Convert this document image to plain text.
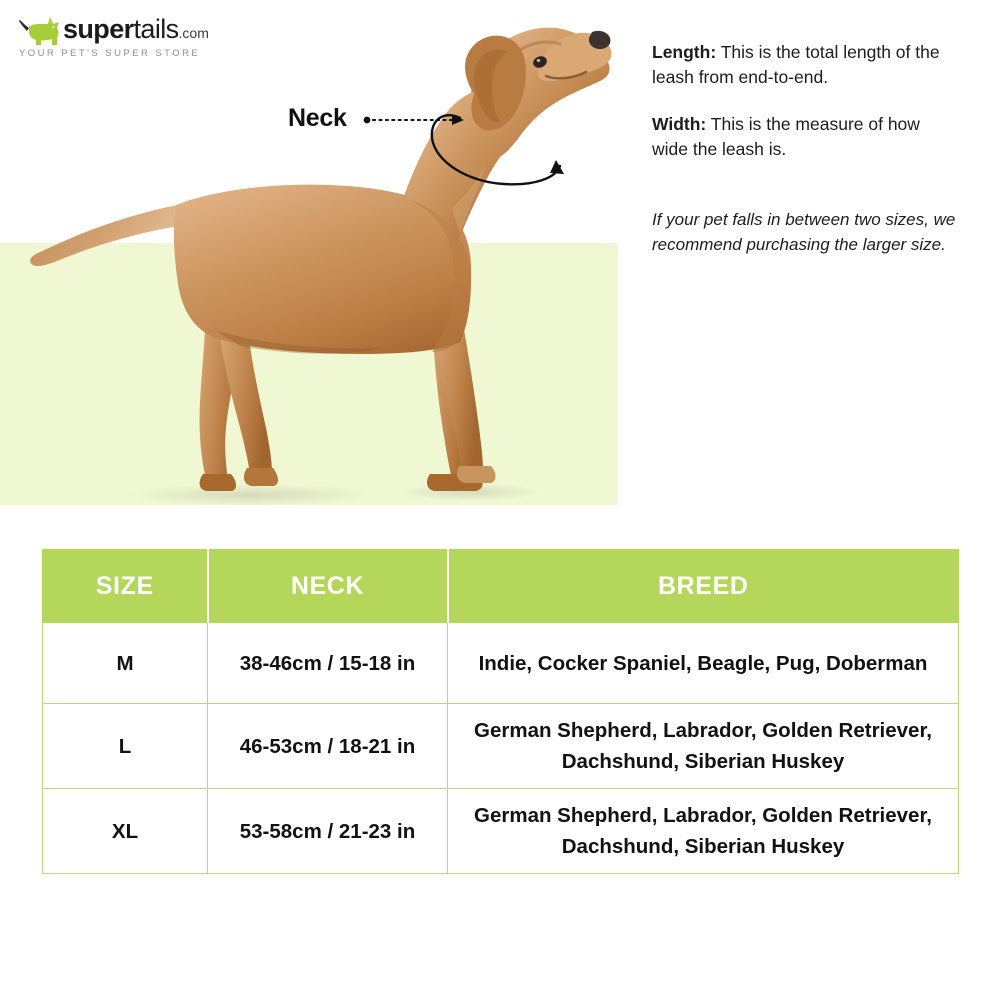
supertails.com
YOUR PET'S SUPER STORE
Neck

Length: This is the total length of the leash from end-to-end.

Width: This is the measure of how wide the leash is.

If your pet falls in between two sizes, we recommend purchasing the larger size.

SIZE	NECK	BREED
M	38-46cm / 15-18 in	Indie, Cocker Spaniel, Beagle, Pug, Doberman
L	46-53cm / 18-21 in	German Shepherd, Labrador, Golden Retriever, Dachshund, Siberian Huskey
XL	53-58cm / 21-23 in	German Shepherd, Labrador, Golden Retriever, Dachshund, Siberian Huskey
